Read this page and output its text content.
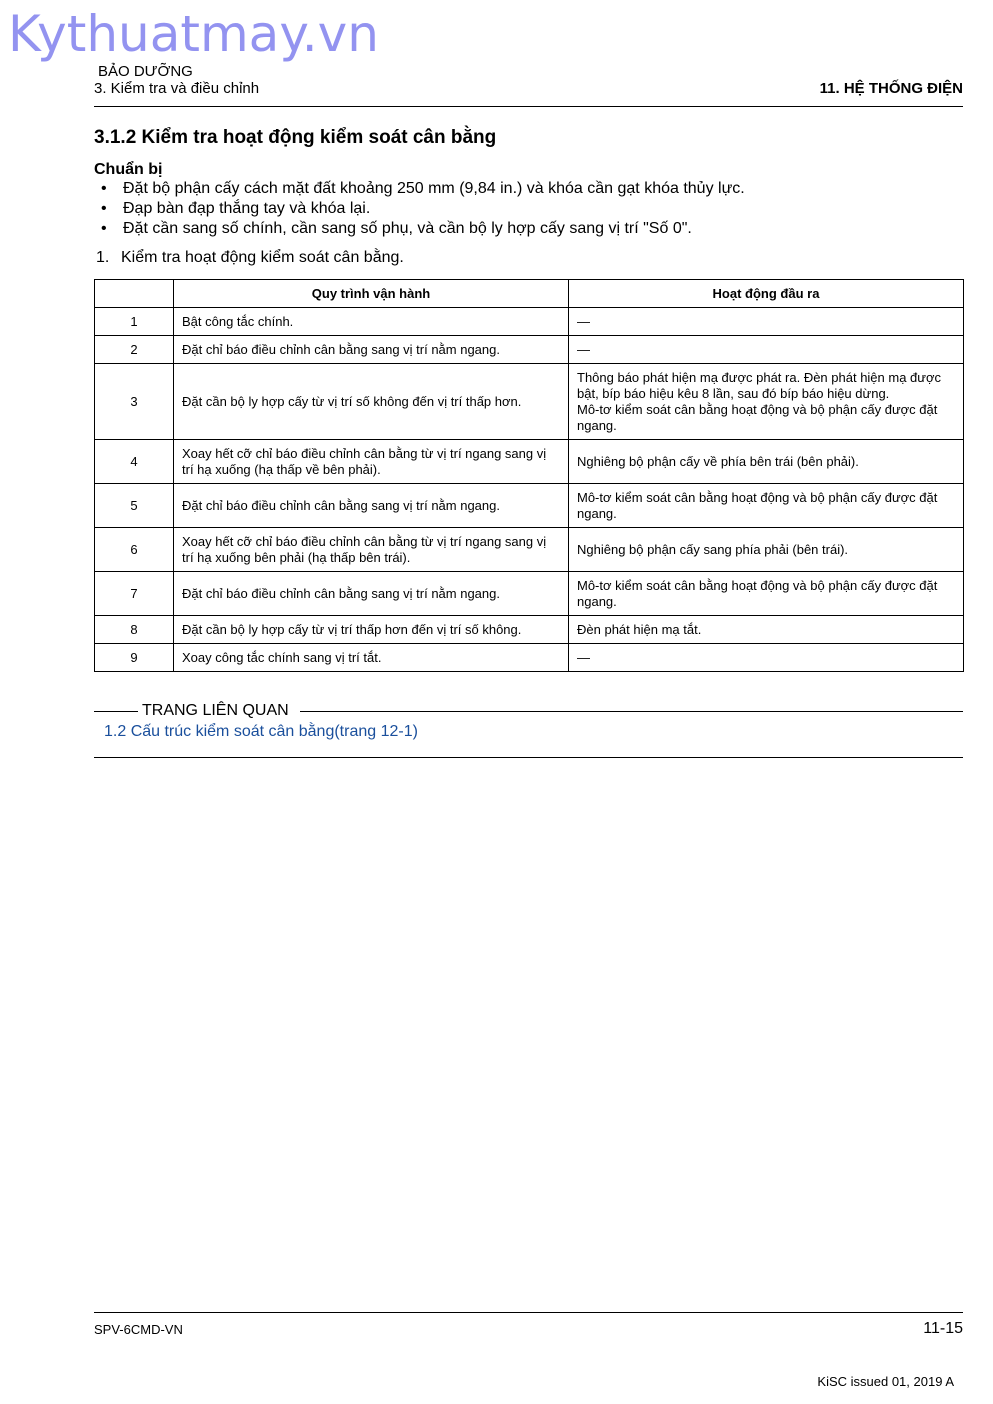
Kythuatmay.vn
BẢO DƯỠNG
3. Kiểm tra và điều chỉnh	11. HỆ THỐNG ĐIỆN
3.1.2 Kiểm tra hoạt động kiểm soát cân bằng
Chuẩn bị
• Đặt bộ phận cấy cách mặt đất khoảng 250 mm (9,84 in.) và khóa cần gạt khóa thủy lực.
• Đạp bàn đạp thắng tay và khóa lại.
• Đặt cần sang số chính, cần sang số phụ, và cần bộ ly hợp cấy sang vị trí "Số 0".
1. Kiểm tra hoạt động kiểm soát cân bằng.
	Quy trình vận hành	Hoạt động đầu ra
1	Bật công tắc chính.	—

2	Đặt chỉ báo điều chỉnh cân bằng sang vị trí nằm ngang.	—

3	Đặt cần bộ ly hợp cấy từ vị trí số không đến vị trí thấp hơn.	Thông báo phát hiện mạ được phát ra. Đèn phát hiện mạ được
bật, bíp báo hiệu kêu 8 lần, sau đó bíp báo hiệu dừng.
Mô-tơ kiểm soát cân bằng hoạt động và bộ phận cấy được đặt
ngang.

4	Xoay hết cỡ chỉ báo điều chỉnh cân bằng từ vị trí ngang sang vị
trí hạ xuống (hạ thấp về bên phải).	Nghiêng bộ phận cấy về phía bên trái (bên phải).

5	Đặt chỉ báo điều chỉnh cân bằng sang vị trí nằm ngang.	Mô-tơ kiểm soát cân bằng hoạt động và bộ phận cấy được đặt
ngang.

6	Xoay hết cỡ chỉ báo điều chỉnh cân bằng từ vị trí ngang sang vị
trí hạ xuống bên phải (hạ thấp bên trái).	Nghiêng bộ phận cấy sang phía phải (bên trái).

7	Đặt chỉ báo điều chỉnh cân bằng sang vị trí nằm ngang.	Mô-tơ kiểm soát cân bằng hoạt động và bộ phận cấy được đặt
ngang.

8	Đặt cần bộ ly hợp cấy từ vị trí thấp hơn đến vị trí số không.	Đèn phát hiện mạ tắt.

9	Xoay công tắc chính sang vị trí tắt.	—
TRANG LIÊN QUAN
1.2 Cấu trúc kiểm soát cân bằng(trang 12-1)
SPV-6CMD-VN	11-15
KiSC issued 01, 2019 A
